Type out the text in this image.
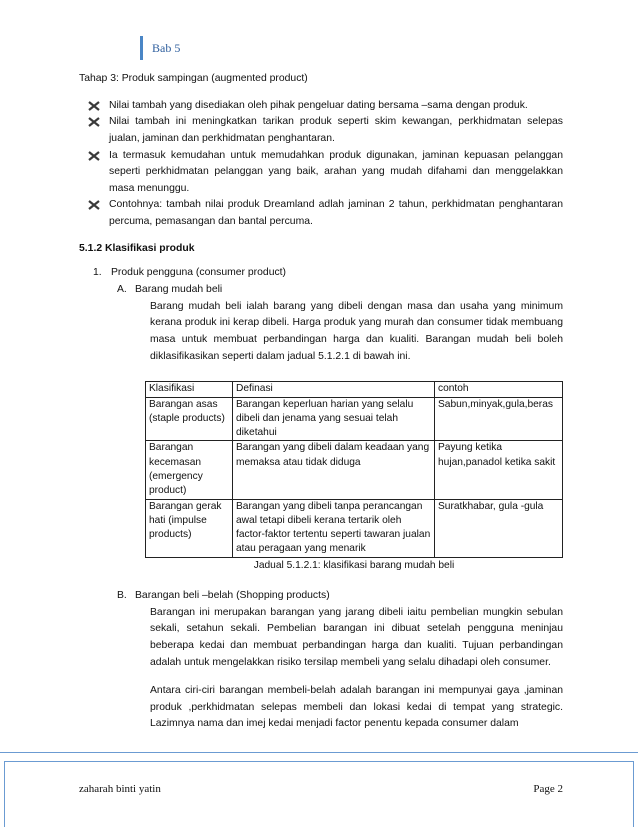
Bab 5

Tahap 3: Produk sampingan (augmented product)

Nilai tambah yang disediakan oleh pihak pengeluar dating bersama –sama dengan produk.
Nilai tambah ini meningkatkan tarikan produk seperti skim kewangan, perkhidmatan selepas jualan, jaminan dan perkhidmatan penghantaran.
Ia termasuk kemudahan untuk memudahkan produk digunakan, jaminan kepuasan pelanggan seperti perkhidmatan pelanggan yang baik, arahan yang mudah difahami dan menggelakkan masa menunggu.
Contohnya: tambah nilai produk Dreamland adlah jaminan 2 tahun, perkhidmatan penghantaran percuma, pemasangan dan bantal percuma.

5.1.2 Klasifikasi produk

1. Produk pengguna (consumer product)
A. Barang mudah beli

Barang mudah beli ialah barang yang dibeli dengan masa dan usaha yang minimum kerana produk ini kerap dibeli. Harga produk yang murah dan consumer tidak membuang masa untuk membuat perbandingan harga dan kualiti. Barangan mudah beli boleh diklasifikasikan seperti dalam jadual 5.1.2.1 di bawah ini.

Klasifikasi	Definasi	contoh
Barangan asas (staple products)	Barangan keperluan harian yang selalu dibeli dan jenama yang sesuai telah diketahui	Sabun,minyak,gula,beras
Barangan kecemasan (emergency product)	Barangan yang dibeli dalam keadaan yang memaksa atau tidak diduga	Payung ketika hujan,panadol ketika sakit
Barangan gerak hati (impulse products)	Barangan yang dibeli tanpa perancangan awal tetapi dibeli kerana tertarik oleh factor-faktor tertentu seperti tawaran jualan atau peragaan yang menarik	Suratkhabar, gula -gula

Jadual 5.1.2.1: klasifikasi barang mudah beli

B. Barangan beli –belah (Shopping products)

Barangan ini merupakan barangan yang jarang dibeli iaitu pembelian mungkin sebulan sekali, setahun sekali. Pembelian barangan ini dibuat setelah pengguna meninjau beberapa kedai dan membuat perbandingan harga dan kualiti. Tujuan perbandingan adalah untuk mengelakkan risiko tersilap membeli yang selalu dihadapi oleh consumer.

Antara ciri-ciri barangan membeli-belah adalah barangan ini mempunyai gaya ,jaminan produk ,perkhidmatan selepas membeli dan lokasi kedai di tempat yang strategic. Lazimnya nama dan imej kedai menjadi factor penentu kepada consumer dalam

zaharah binti yatin	Page 2
